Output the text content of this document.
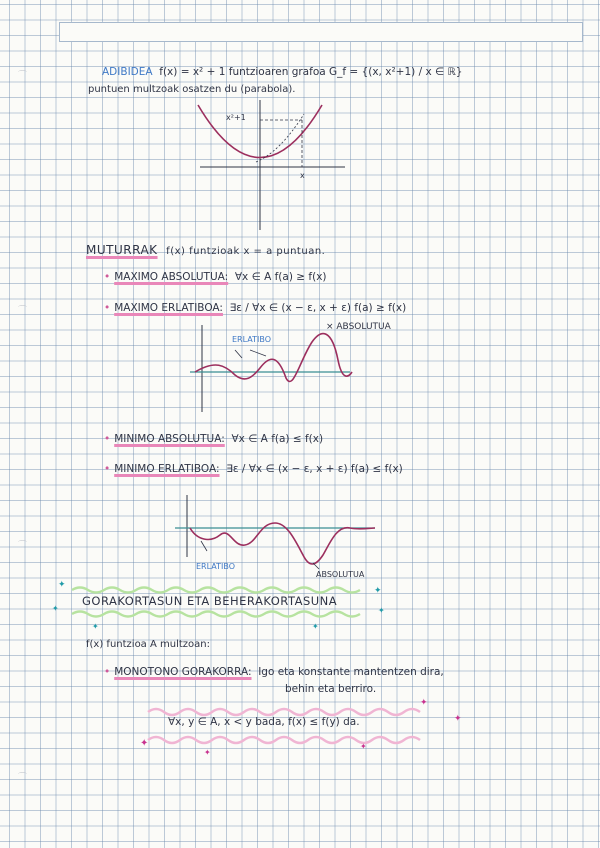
ADIBIDEA f(x) = x² + 1 funtzioaren grafoa G_f = {(x, x²+1) / x ∈ ℝ}
puntuen multzoak osatzen du (parabola).
x²+1
x
MUTURRAK f(x) funtzioak x = a puntuan.
• MAXIMO ABSOLUTUA: ∀x ∈ A f(a) ≥ f(x)
• MAXIMO ERLATIBOA: ∃ε / ∀x ∈ (x − ε, x + ε) f(a) ≥ f(x)
ERLATIBO
× ABSOLUTUA
• MINIMO ABSOLUTUA: ∀x ∈ A f(a) ≤ f(x)
• MINIMO ERLATIBOA: ∃ε / ∀x ∈ (x − ε, x + ε) f(a) ≤ f(x)
ERLATIBO
ABSOLUTUA
✦
✦
✦
✦
✦
✦
GORAKORTASUN ETA BEHERAKORTASUNA
f(x) funtzioa A multzoan:
• MONOTONO GORAKORRA: Igo eta konstante mantentzen dira,
behin eta berriro.
✦
✦
✦
✦
✦
∀x, y ∈ A, x < y bada, f(x) ≤ f(y) da.
